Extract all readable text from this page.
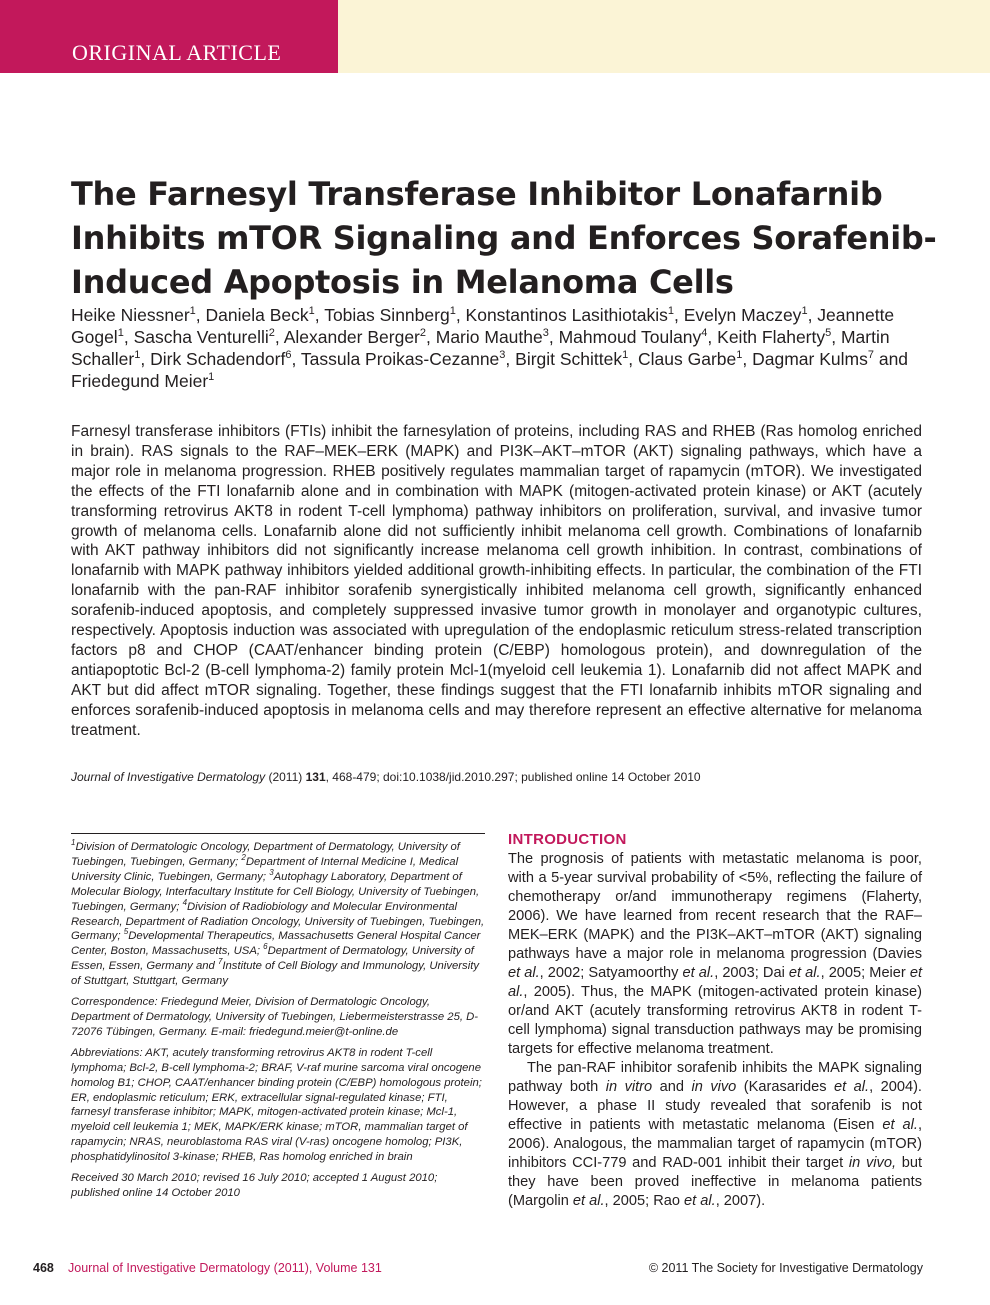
ORIGINAL ARTICLE
The Farnesyl Transferase Inhibitor Lonafarnib Inhibits mTOR Signaling and Enforces Sorafenib-Induced Apoptosis in Melanoma Cells
Heike Niessner$^1$, Daniela Beck$^1$, Tobias Sinnberg$^1$, Konstantinos Lasithiotakis$^1$, Evelyn Maczey$^1$, Jeannette Gogel$^1$, Sascha Venturelli$^2$, Alexander Berger$^2$, Mario Mauthe$^3$, Mahmoud Toulany$^4$, Keith Flaherty$^5$, Martin Schaller$^1$, Dirk Schadendorf$^6$, Tassula Proikas-Cezanne$^3$, Birgit Schittek$^1$, Claus Garbe$^1$, Dagmar Kulms$^7$ and Friedegund Meier$^1$

Farnesyl transferase inhibitors (FTIs) inhibit the farnesylation of proteins, including RAS and RHEB (Ras homolog enriched in brain). RAS signals to the RAF–MEK–ERK (MAPK) and PI3K–AKT–mTOR (AKT) signaling pathways, which have a major role in melanoma progression. RHEB positively regulates mammalian target of rapamycin (mTOR). We investigated the effects of the FTI lonafarnib alone and in combination with MAPK (mitogen-activated protein kinase) or AKT (acutely transforming retrovirus AKT8 in rodent T-cell lymphoma) pathway inhibitors on proliferation, survival, and invasive tumor growth of melanoma cells. Lonafarnib alone did not sufficiently inhibit melanoma cell growth. Combinations of lonafarnib with AKT pathway inhibitors did not significantly increase melanoma cell growth inhibition. In contrast, combinations of lonafarnib with MAPK pathway inhibitors yielded additional growth-inhibiting effects. In particular, the combination of the FTI lonafarnib with the pan-RAF inhibitor sorafenib synergistically inhibited melanoma cell growth, significantly enhanced sorafenib-induced apoptosis, and completely suppressed invasive tumor growth in monolayer and organotypic cultures, respectively. Apoptosis induction was associated with upregulation of the endoplasmic reticulum stress-related transcription factors p8 and CHOP (CAAT/enhancer binding protein (C/EBP) homologous protein), and downregulation of the antiapoptotic Bcl-2 (B-cell lymphoma-2) family protein Mcl-1(myeloid cell leukemia 1). Lonafarnib did not affect MAPK and AKT but did affect mTOR signaling. Together, these findings suggest that the FTI lonafarnib inhibits mTOR signaling and enforces sorafenib-induced apoptosis in melanoma cells and may therefore represent an effective alternative for melanoma treatment.

Journal of Investigative Dermatology (2011) 131, 468-479; doi:10.1038/jid.2010.297; published online 14 October 2010

$^1$Division of Dermatologic Oncology, Department of Dermatology, University of Tuebingen, Tuebingen, Germany; $^2$Department of Internal Medicine I, Medical University Clinic, Tuebingen, Germany; $^3$Autophagy Laboratory, Department of Molecular Biology, Interfacultary Institute for Cell Biology, University of Tuebingen, Tuebingen, Germany; $^4$Division of Radiobiology and Molecular Environmental Research, Department of Radiation Oncology, University of Tuebingen, Tuebingen, Germany; $^5$Developmental Therapeutics, Massachusetts General Hospital Cancer Center, Boston, Massachusetts, USA; $^6$Department of Dermatology, University of Essen, Essen, Germany and $^7$Institute of Cell Biology and Immunology, University of Stuttgart, Stuttgart, Germany

Correspondence: Friedegund Meier, Division of Dermatologic Oncology, Department of Dermatology, University of Tuebingen, Liebermeisterstrasse 25, D-72076 Tübingen, Germany. E-mail: friedegund.meier@t-online.de

Abbreviations: AKT, acutely transforming retrovirus AKT8 in rodent T-cell lymphoma; Bcl-2, B-cell lymphoma-2; BRAF, V-raf murine sarcoma viral oncogene homolog B1; CHOP, CAAT/enhancer binding protein (C/EBP) homologous protein; ER, endoplasmic reticulum; ERK, extracellular signal-regulated kinase; FTI, farnesyl transferase inhibitor; MAPK, mitogen-activated protein kinase; Mcl-1, myeloid cell leukemia 1; MEK, MAPK/ERK kinase; mTOR, mammalian target of rapamycin; NRAS, neuroblastoma RAS viral (V-ras) oncogene homolog; PI3K, phosphatidylinositol 3-kinase; RHEB, Ras homolog enriched in brain

Received 30 March 2010; revised 16 July 2010; accepted 1 August 2010; published online 14 October 2010

INTRODUCTION

The prognosis of patients with metastatic melanoma is poor, with a 5-year survival probability of <5%, reflecting the failure of chemotherapy or/and immunotherapy regimens (Flaherty, 2006). We have learned from recent research that the RAF–MEK–ERK (MAPK) and the PI3K–AKT–mTOR (AKT) signaling pathways have a major role in melanoma progression (Davies et al., 2002; Satyamoorthy et al., 2003; Dai et al., 2005; Meier et al., 2005). Thus, the MAPK (mitogen-activated protein kinase) or/and AKT (acutely transforming retrovirus AKT8 in rodent T-cell lymphoma) signal transduction pathways may be promising targets for effective melanoma treatment.

The pan-RAF inhibitor sorafenib inhibits the MAPK signaling pathway both in vitro and in vivo (Karasarides et al., 2004). However, a phase II study revealed that sorafenib is not effective in patients with metastatic melanoma (Eisen et al., 2006). Analogous, the mammalian target of rapamycin (mTOR) inhibitors CCI-779 and RAD-001 inhibit their target in vivo, but they have been proved ineffective in melanoma patients (Margolin et al., 2005; Rao et al., 2007).

468 Journal of Investigative Dermatology (2011), Volume 131	© 2011 The Society for Investigative Dermatology
